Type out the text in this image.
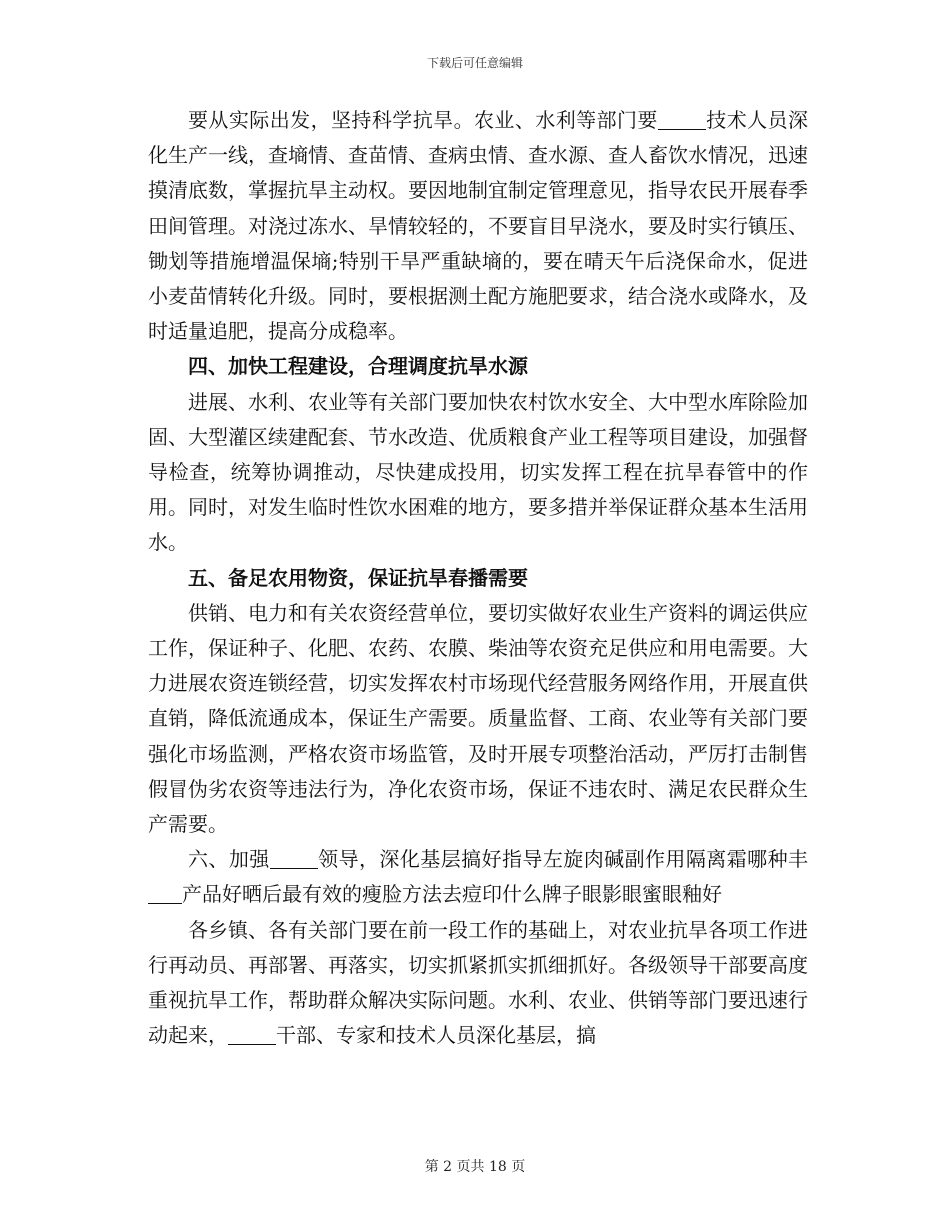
下载后可任意编辑

要从实际出发，坚持科学抗旱。农业、水利等部门要 技术人员深化生产一线，查墒情、查苗情、查病虫情、查水源、查人畜饮水情况，迅速摸清底数，掌握抗旱主动权。要因地制宜制定管理意见，指导农民开展春季田间管理。对浇过冻水、旱情较轻的，不要盲目早浇水，要及时实行镇压、锄划等措施增温保墒;特别干旱严重缺墒的，要在晴天午后浇保命水，促进小麦苗情转化升级。同时，要根据测土配方施肥要求，结合浇水或降水，及时适量追肥，提高分成稳率。

四、加快工程建设，合理调度抗旱水源

进展、水利、农业等有关部门要加快农村饮水安全、大中型水库除险加固、大型灌区续建配套、节水改造、优质粮食产业工程等项目建设，加强督导检查，统筹协调推动，尽快建成投用，切实发挥工程在抗旱春管中的作用。同时，对发生临时性饮水困难的地方，要多措并举保证群众基本生活用水。

五、备足农用物资，保证抗旱春播需要

供销、电力和有关农资经营单位，要切实做好农业生产资料的调运供应工作，保证种子、化肥、农药、农膜、柴油等农资充足供应和用电需要。大力进展农资连锁经营，切实发挥农村市场现代经营服务网络作用，开展直供直销，降低流通成本，保证生产需要。质量监督、工商、农业等有关部门要强化市场监测，严格农资市场监管，及时开展专项整治活动，严厉打击制售假冒伪劣农资等违法行为，净化农资市场，保证不违农时、满足农民群众生产需要。

六、加强 领导，深化基层搞好指导左旋肉碱副作用隔离霜哪种丰产品好晒后最有效的瘦脸方法去痘印什么牌子眼影眼蜜眼釉好

各乡镇、各有关部门要在前一段工作的基础上，对农业抗旱各项工作进行再动员、再部署、再落实，切实抓紧抓实抓细抓好。各级领导干部要高度重视抗旱工作，帮助群众解决实际问题。水利、农业、供销等部门要迅速行动起来， 干部、专家和技术人员深化基层，搞

第 2 页共 18 页
